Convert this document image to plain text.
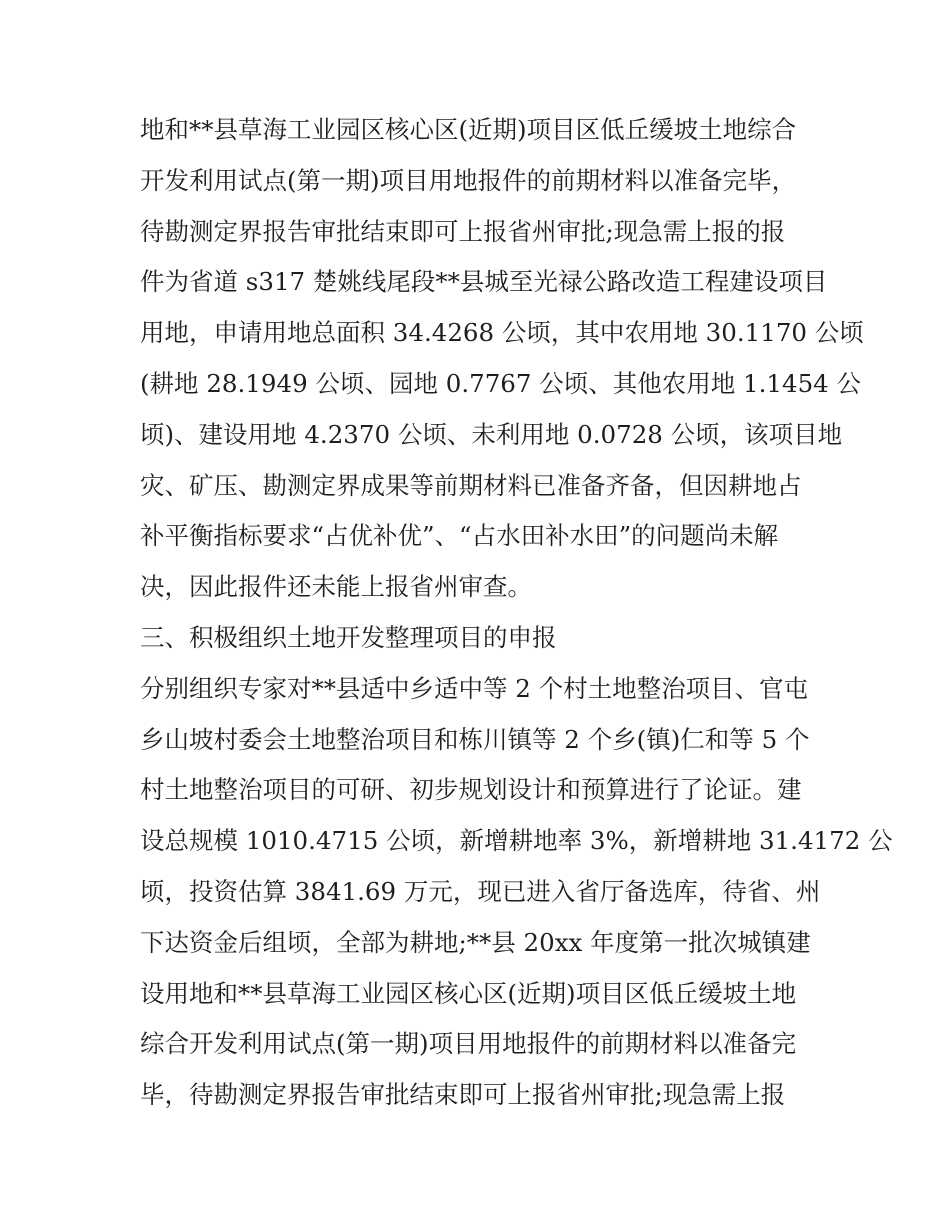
地和**县草海工业园区核心区(近期)项目区低丘缓坡土地综合
开发利用试点(第一期)项目用地报件的前期材料以准备完毕，
待勘测定界报告审批结束即可上报省州审批;现急需上报的报
件为省道 s317 楚姚线尾段**县城至光禄公路改造工程建设项目
用地，申请用地总面积 34.4268 公顷，其中农用地 30.1170 公顷
(耕地 28.1949 公顷、园地 0.7767 公顷、其他农用地 1.1454 公
顷)、建设用地 4.2370 公顷、未利用地 0.0728 公顷，该项目地
灾、矿压、勘测定界成果等前期材料已准备齐备，但因耕地占
补平衡指标要求“占优补优”、“占水田补水田”的问题尚未解
决，因此报件还未能上报省州审查。
三、积极组织土地开发整理项目的申报
分别组织专家对**县适中乡适中等 2 个村土地整治项目、官屯
乡山坡村委会土地整治项目和栋川镇等 2 个乡(镇)仁和等 5 个
村土地整治项目的可研、初步规划设计和预算进行了论证。建
设总规模 1010.4715 公顷，新增耕地率 3%，新增耕地 31.4172 公
顷，投资估算 3841.69 万元，现已进入省厅备选库，待省、州
下达资金后组顷，全部为耕地;**县 20xx 年度第一批次城镇建
设用地和**县草海工业园区核心区(近期)项目区低丘缓坡土地
综合开发利用试点(第一期)项目用地报件的前期材料以准备完
毕，待勘测定界报告审批结束即可上报省州审批;现急需上报
